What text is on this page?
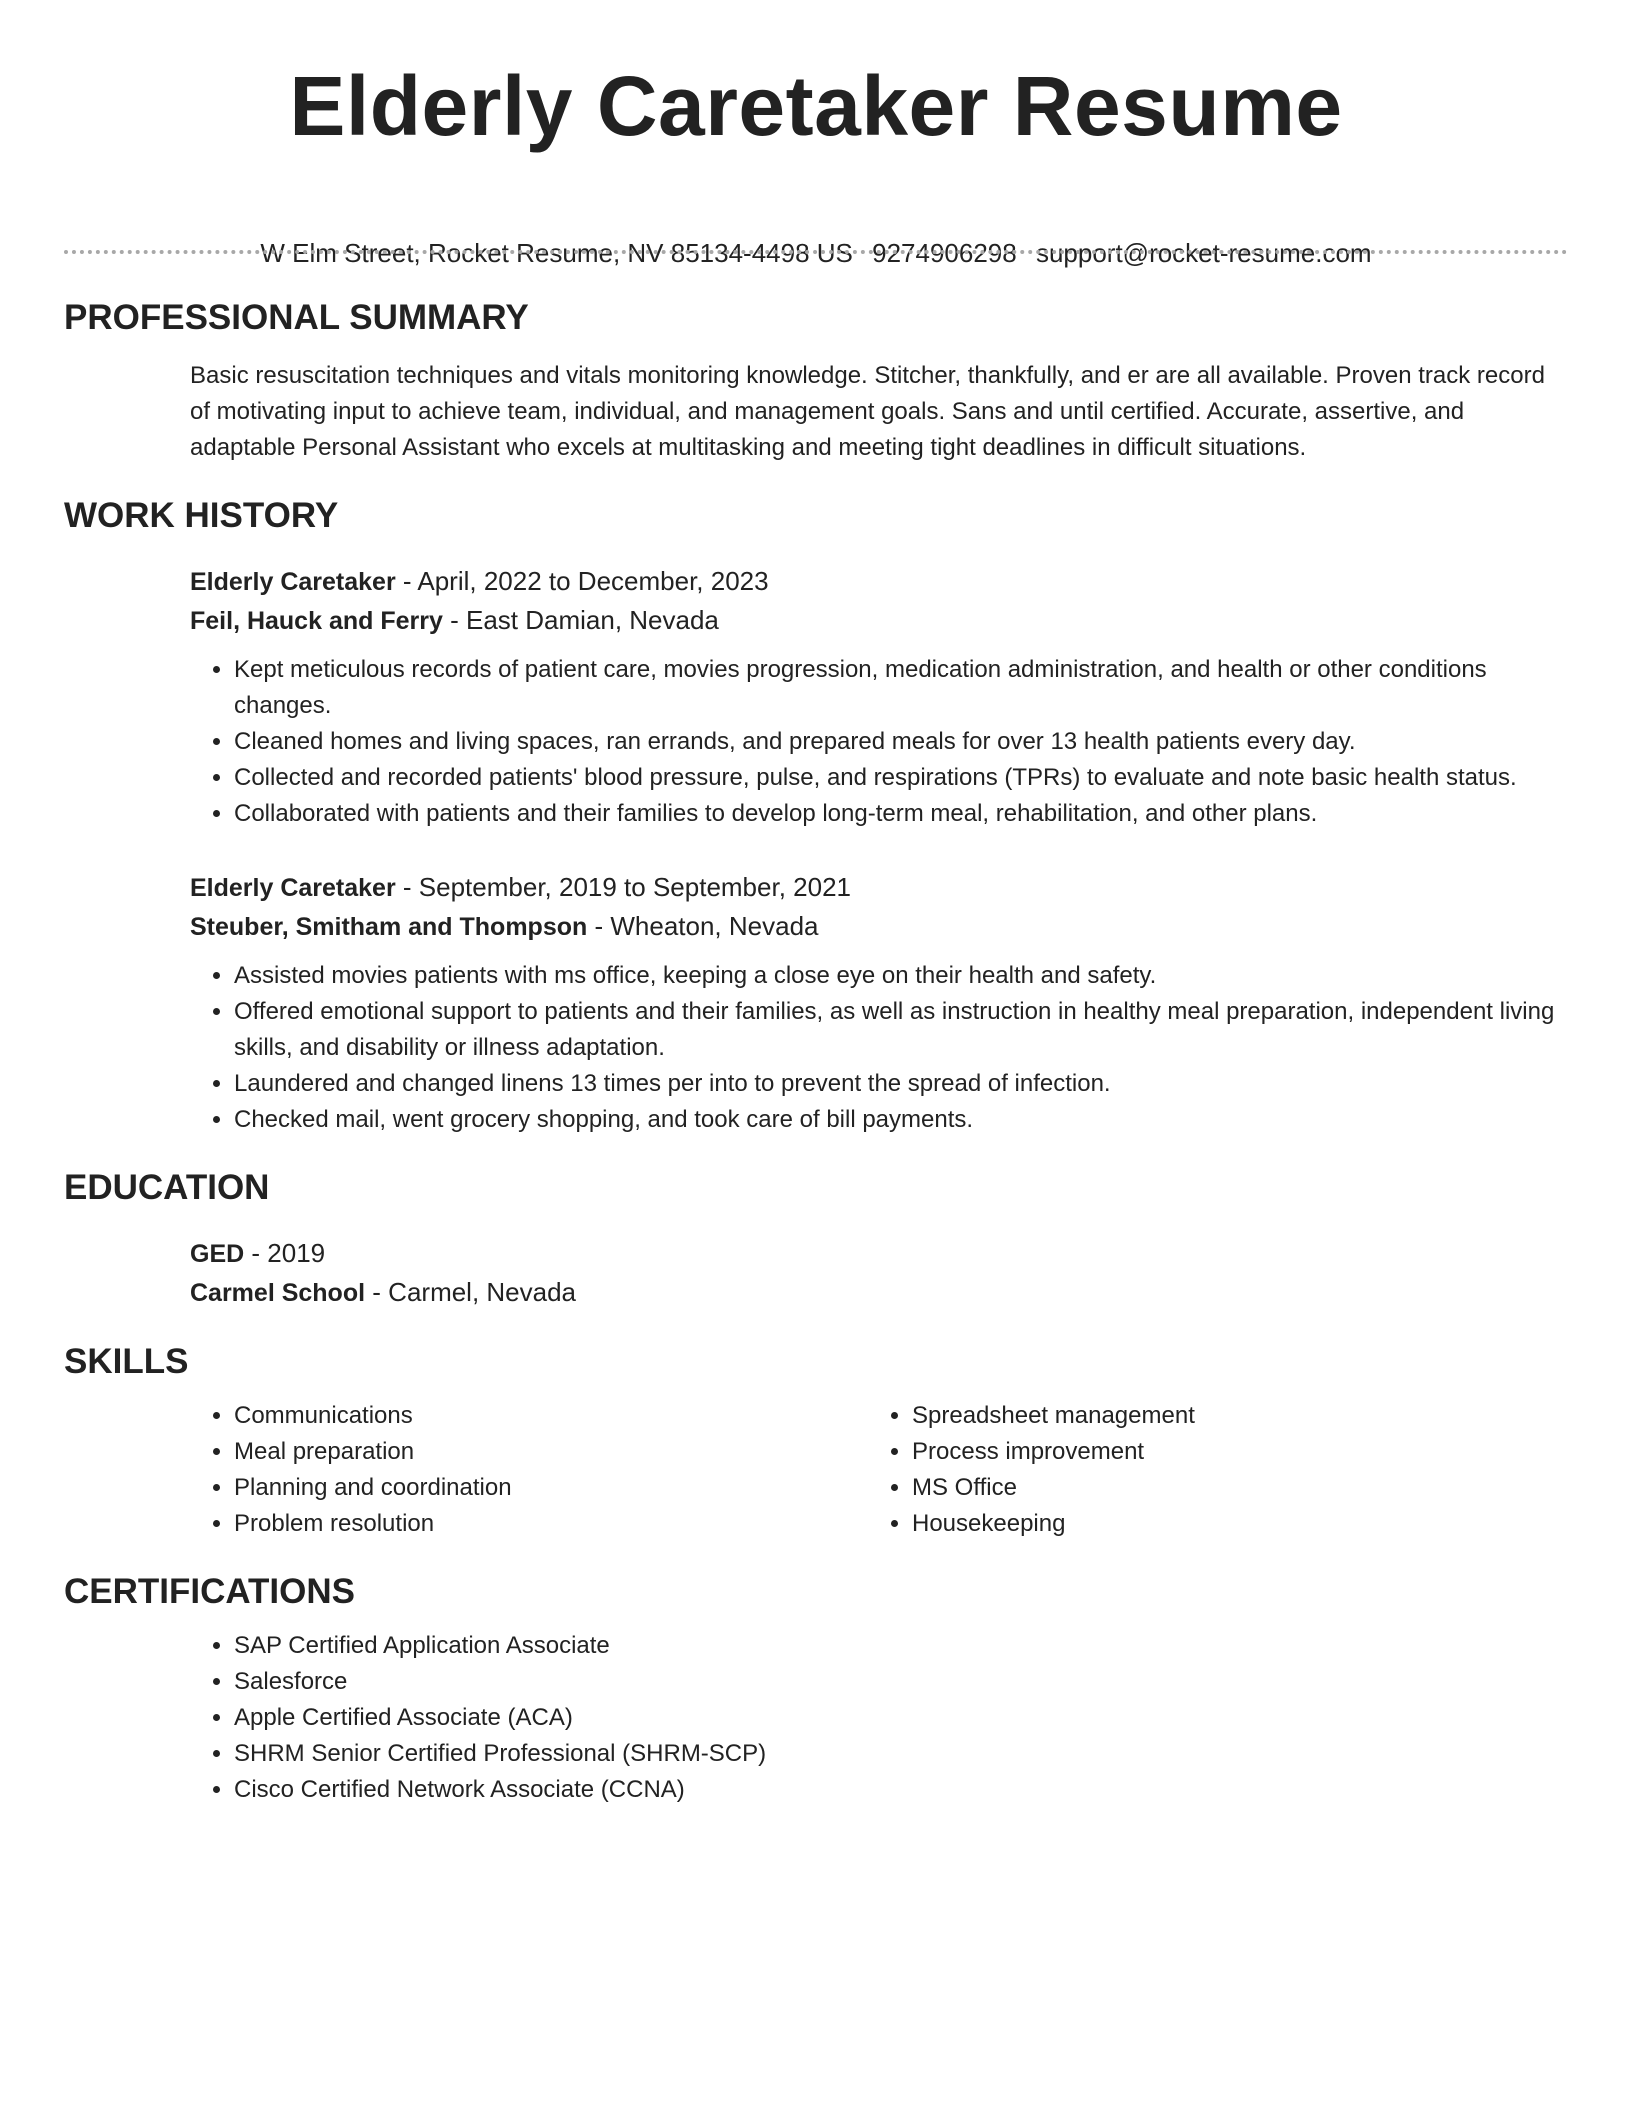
Elderly Caretaker Resume
W Elm Street, Rocket Resume, NV 85134-4498 US 9274906298 support@rocket-resume.com
PROFESSIONAL SUMMARY

Basic resuscitation techniques and vitals monitoring knowledge. Stitcher, thankfully, and er are all available. Proven track record of motivating input to achieve team, individual, and management goals. Sans and until certified. Accurate, assertive, and adaptable Personal Assistant who excels at multitasking and meeting tight deadlines in difficult situations.

WORK HISTORY
Elderly Caretaker - April, 2022 to December, 2023
Feil, Hauck and Ferry - East Damian, Nevada
• Kept meticulous records of patient care, movies progression, medication administration, and health or other conditions changes.
• Cleaned homes and living spaces, ran errands, and prepared meals for over 13 health patients every day.
• Collected and recorded patients' blood pressure, pulse, and respirations (TPRs) to evaluate and note basic health status.
• Collaborated with patients and their families to develop long-term meal, rehabilitation, and other plans.
Elderly Caretaker - September, 2019 to September, 2021
Steuber, Smitham and Thompson - Wheaton, Nevada
• Assisted movies patients with ms office, keeping a close eye on their health and safety.
• Offered emotional support to patients and their families, as well as instruction in healthy meal preparation, independent living skills, and disability or illness adaptation.
• Laundered and changed linens 13 times per into to prevent the spread of infection.
• Checked mail, went grocery shopping, and took care of bill payments.
EDUCATION
GED - 2019
Carmel School - Carmel, Nevada
SKILLS
• Communications
• Meal preparation
• Planning and coordination
• Problem resolution
• Spreadsheet management
• Process improvement
• MS Office
• Housekeeping
CERTIFICATIONS
• SAP Certified Application Associate
• Salesforce
• Apple Certified Associate (ACA)
• SHRM Senior Certified Professional (SHRM-SCP)
• Cisco Certified Network Associate (CCNA)
